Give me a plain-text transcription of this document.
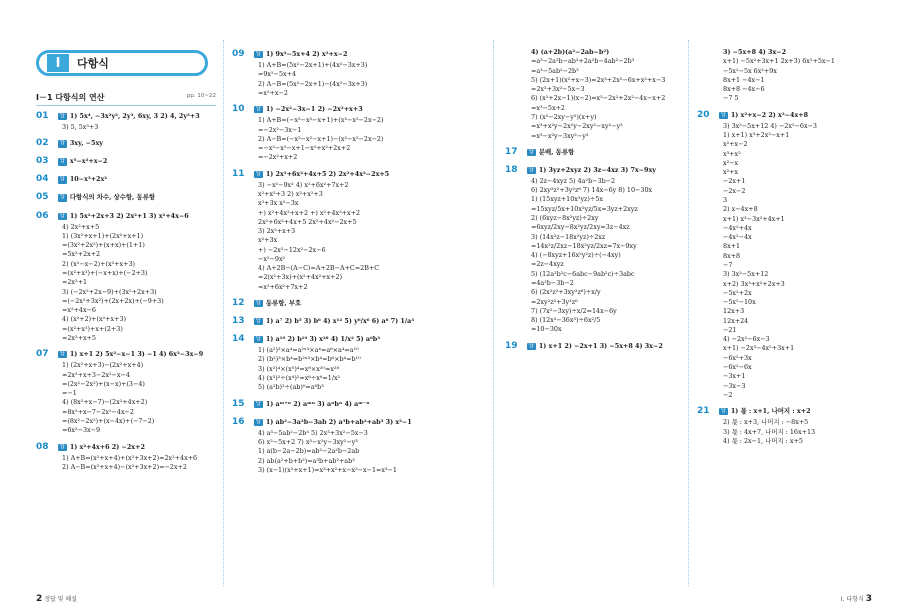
I	다항식
Ⅰ－1 다항식의 연산	pp. 10~22
01 답 1) 5x⁴, −3x²y², 2y³, 6xy, 3 2) 4, 2y³+3
3) 5, 5x³+3
02 답 3xy, −5xy
03 답 x⁵−x²+x−2
04 답 10−x³+2x²
05 답 다항식의 차수, 상수항, 동류항
06 답 1) 5x²+2x+3 2) 2x²+1 3) x²+4x−6
4) 2x²+x+5
1) (3x²+x+1)+(2x²+x+1)
=(3x²+2x²)+(x+x)+(1+1)
=5x²+2x+2
2) (x²−x−2)+(x²+x+3)
=(x²+x²)+(−x+x)+(−2+3)
=2x²+1
3) (−2x²+2x−9)+(3x²+2x+3)
=(−2x²+3x²)+(2x+2x)+(−9+3)
=x²+4x−6
4) (x²+2)+(x²+x+3)
=(x²+x²)+x+(2+3)
=2x²+x+5
07 답 1) x+1 2) 5x²−x−1 3) −1 4) 6x²−3x−9
1) (2x²+x+3)−(2x²+x+4)
=2x²+x+3−2x²−x−4
=(2x²−2x²)+(x−x)+(3−4)
=−1
4) (8x²+x−7)−(2x²+4x+2)
=8x²+x−7−2x²−4x−2
=(8x²−2x²)+(x−4x)+(−7−2)
=6x²−3x−9
08 답 1) x²+4x+6 2) −2x+2
1) A+B=(x²+x+4)+(x²+3x+2)=2x²+4x+6
2) A−B=(x²+x+4)−(x²+3x+2)=−2x+2
09 답 1) 9x²−5x+4 2) x²+x−2
1) A+B=(5x²−2x+1)+(4x²−3x+3)
=9x²−5x+4
2) A−B=(5x²−2x+1)−(4x²−3x+3)
=x²+x−2
10 답 1) −2x²−3x−1 2) −2x²+x+3
1) A+B=(−x²−x²−x+1)+(x²−x²−2x−2)
=−2x²−3x−1
2) A−B=(−x²−x²−x+1)−(x²−x²−2x−2)
=−x²−x²−x+1−x²+x²+2x+2
=−2x²+x+2
11 답 1) 2x²+6x²+4x+5 2) 2x²+4x²−2x+5
3) −x²−9x² 4) x²+6x²+7x+2
x²+x²+3 2) x²+x²+3
x²+3x x²−3x
+) x²+4x²+x+2 +) x²+4x²+x+2
2x²+6x²+4x+5 2x²+4x²−2x+5
3) 2x²+x+3
x²+3x
+) −2x²−12x²−2x−6
−x²−9x²
4) A+2B−(A−C)=A+2B−A+C=2B+C
=2(x²+3x)+(x²+4x²+x+2)
=x²+6x²+7x+2
12 답 동류항, 부호
13 답 1) a⁷ 2) b⁵ 3) b⁶ 4) x¹² 5) y⁶/x⁶ 6) a⁸ 7) 1/a³
14 답 1) a¹⁰ 2) b¹⁰ 3) x²⁸ 4) 1/x² 5) a⁶b³
1) (a²)³×a⁴=a²ˣ³×a⁴=a⁶×a⁴=a¹⁰
2) (b²)³×b⁴=b²ˣ³×b⁴=b⁶×b⁴=b¹⁰
3) (x²)⁴×(x⁵)⁴=x⁸×x²⁰=x²⁸
4) (x³)²÷(x⁴)²=x⁶÷x⁸=1/x²
5) (a²b)³÷(ab)⁰=a⁶b³
15 답 1) aᵐ⁺ⁿ 2) aᵐⁿ 3) aⁿbⁿ 4) aᵐ⁻ⁿ
16 답 1) ab²−3a²b−3ab 2) a³b+ab²+ab³ 3) x²−1
4) a³−5ab²−2b³ 5) 2x³+3x²−5x−3
6) x²−5x+2 7) x³−x²y−3xy²−y³
1) a(b−2a−2b)=ab²−2a²b−2ab
2) ab(a²+b+b²)=a³b+ab²+ab³
3) (x−1)(x²+x+1)=x³+x²+x−x²−x−1=x³−1
4) (a+2b)(a²−2ab−b²)
=a³−2a²b−ab²+2a²b−4ab²−2b³
=a³−5ab²−2b³
5) (2x+1)(x²+x−3)=2x³+2x²−6x+x²+x−3
=2x³+3x²−5x−3
6) (x²+2x−1)(x−2)=x³−2x²+2x²−4x−x+2
=x³−5x+2
7) (x²−2xy−y²)(x+y)
=x³+x²y−2x²y−2xy²−xy²−y³
=x³−x²y−3xy²−y³
17 답 분배, 동류항
18 답 1) 3yz+2xyz 2) 3z−4xz 3) 7x−9xy
4) 2z−4xyz 5) 4a²b−3b−2
6) 2xy²z²+3y²z⁶ 7) 14x−6y 8) 10−30x
1) (15xyz+10x²yz)÷5x
=15xyz/5x+10x²yz/5x=3yz+2xyz
2) (6xyz−8x²yz)÷2xy
=6xyz/2xy−8x²yz/2xy=3z−4xz
3) (14x²z−18x²yz)÷2xz
=14x²z/2xz−18x²yz/2xz=7x−9xy
4) (−8xyz+16x²y²z)÷(−4xy)
=2z−4xyz
5) (12a²b²c−6abc−9ab²c)÷3abc
=4a²b−3b−2
6) (2x²z²+3xy²z⁶)÷x/y
=2xy²z²+3y²z⁶
7) (7x²−3xy)÷x/2=14x−6y
8) (12x²−36x³)÷6x²/5
=10−30x
19 답 1) x+1 2) −2x+1 3) −5x+8 4) 3x−2
3) −5x+8 4) 3x−2
x+1) −5x²+3x+1 2x+3) 6x²+5x−1
−5x²−5x 6x²+9x
8x+1 −4x−1
8x+8 −4x−6
−7 5
20 답 1) x²+x−2 2) x²−4x+8
3) 3x²−5x+12 4) −2x²−6x−3
1) x+1) x³+2x²−x+1
x²+x−2
x³+x²
x²−x
x²+x
−2x+1
−2x−2
3
2) x−4x+8
x+1) x³−3x²+4x+1
−4x²+4x
−4x²−4x
8x+1
8x+8
−7
3) 3x²−5x+12
x+2) 3x³+x²+2x+3
−5x²+2x
−5x²−10x
12x+3
12x+24
−21
4) −2x²−6x−3
x+1) −2x³−4x²+3x+1
−6x²+3x
−6x²−6x
−3x+1
−3x−3
−2
21 답 1) 몫 : x+1, 나머지 : x+2
2) 몫 : x+3, 나머지 : −8x+5
3) 몫 : 4x+7, 나머지 : 16x+13
4) 몫 : 2x−1, 나머지 : x+5
2 정답 및 해설	Ⅰ. 다항식 3
